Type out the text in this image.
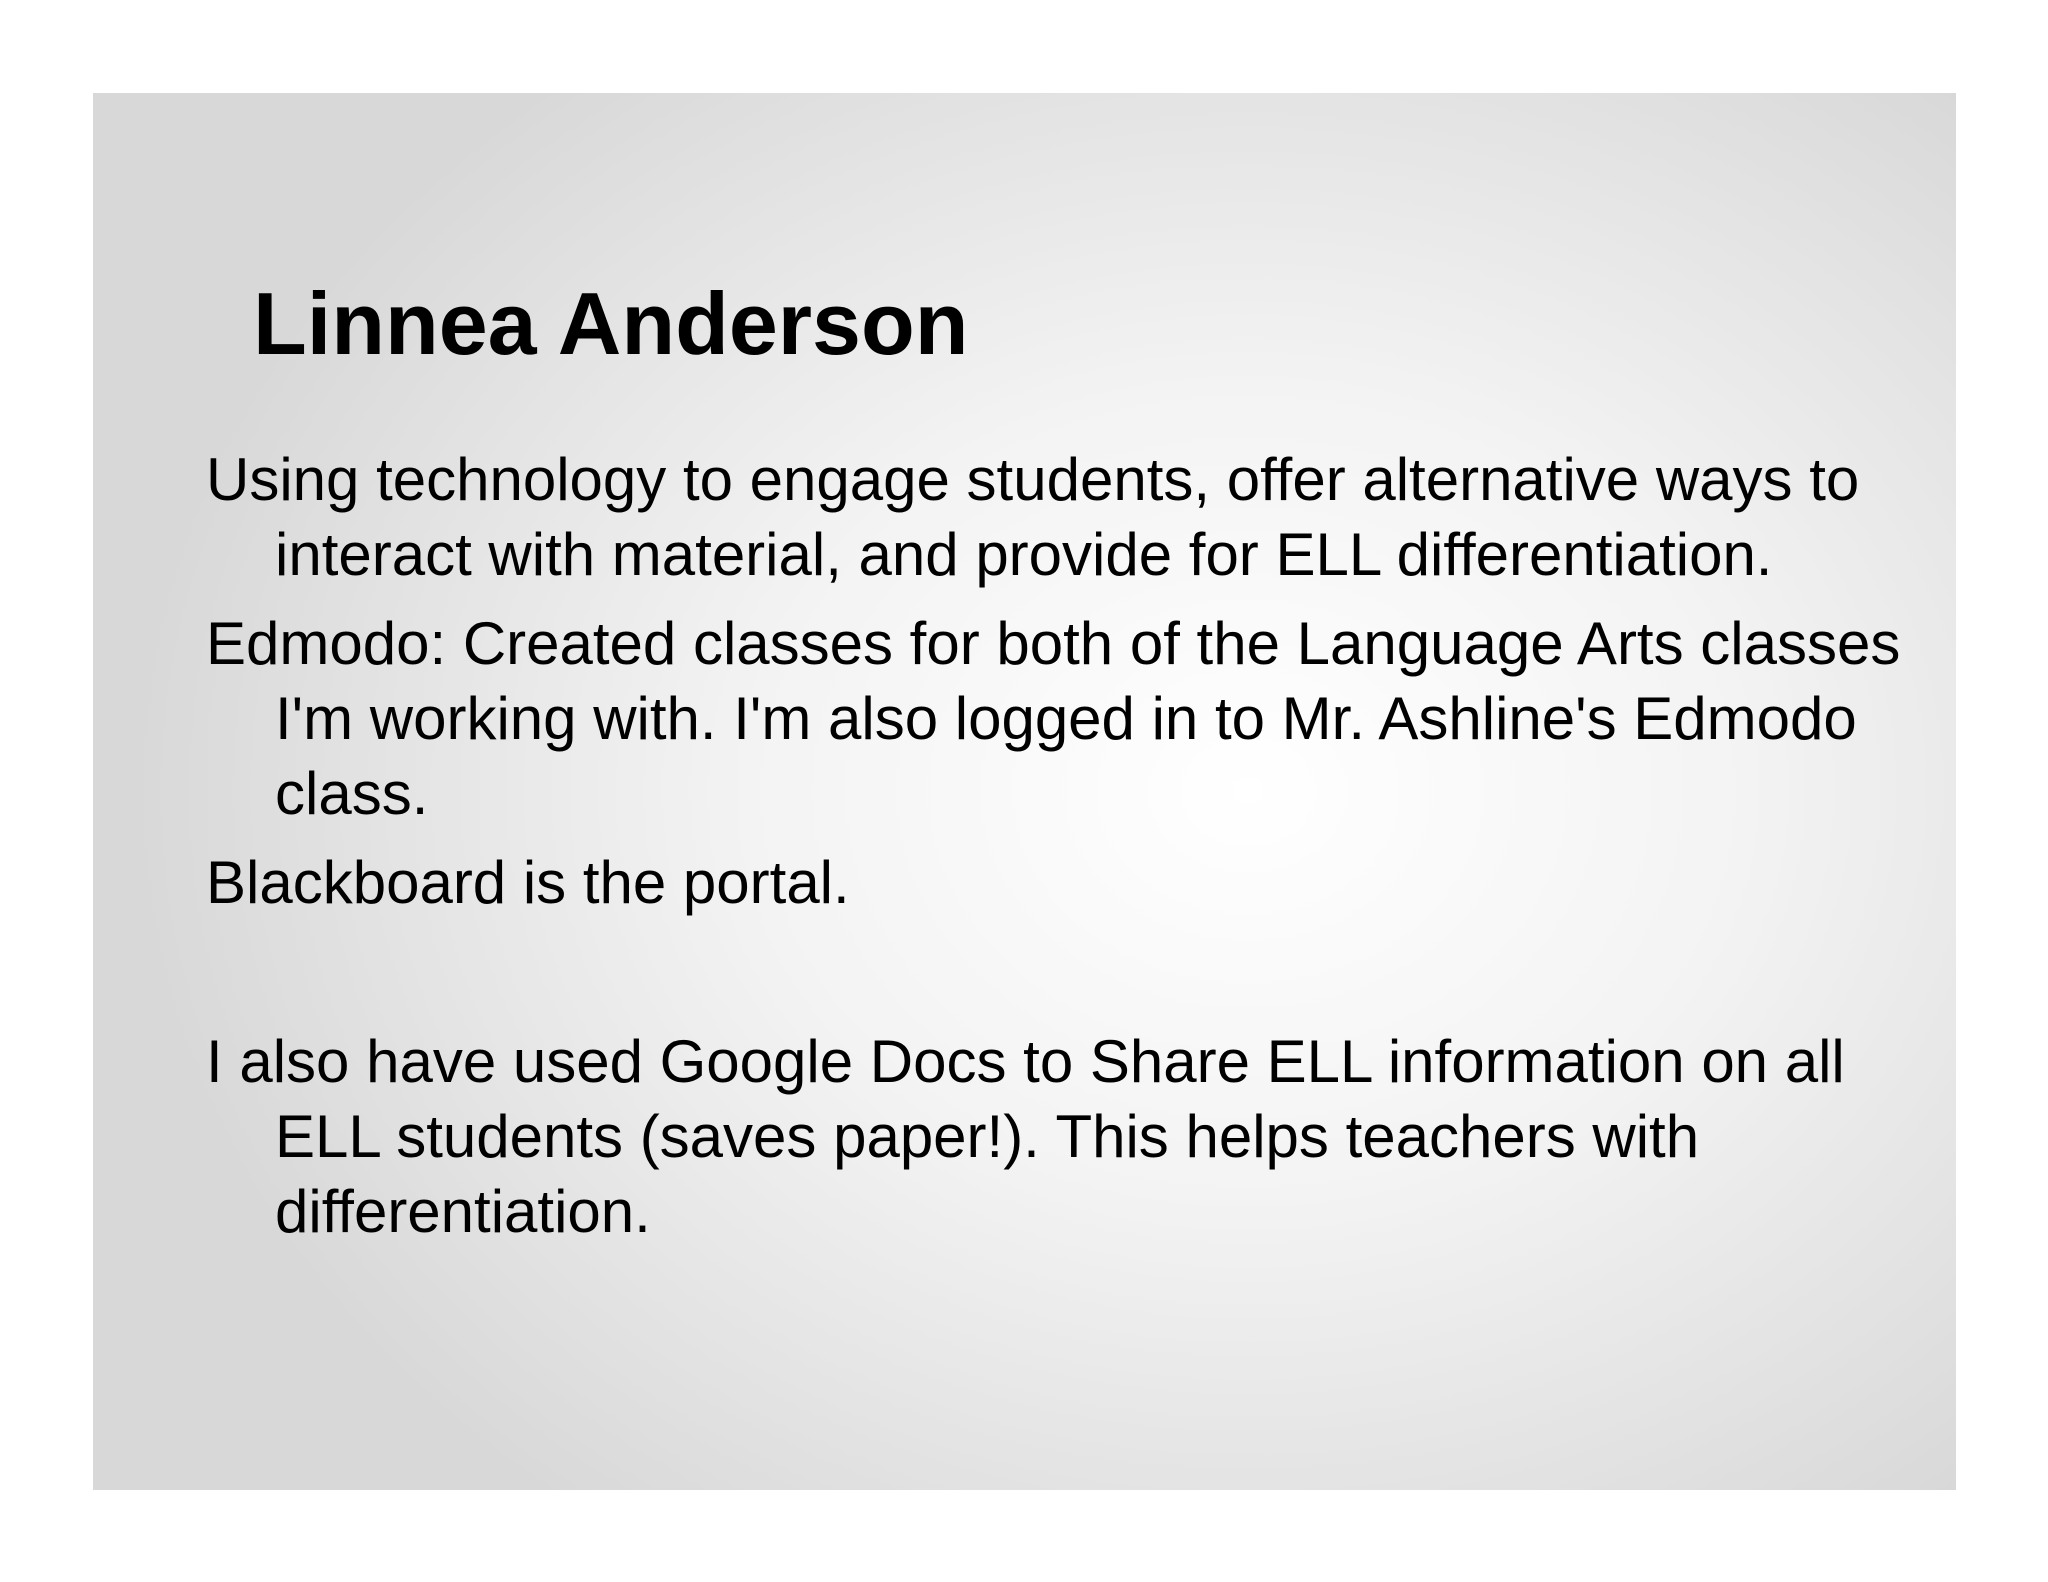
Linnea Anderson

Using technology to engage students, offer alternative ways to interact with material, and provide for ELL differentiation.

Edmodo: Created classes for both of the Language Arts classes I'm working with. I'm also logged in to Mr. Ashline's Edmodo class.

Blackboard is the portal.

I also have used Google Docs to Share ELL information on all ELL students (saves paper!). This helps teachers with differentiation.
